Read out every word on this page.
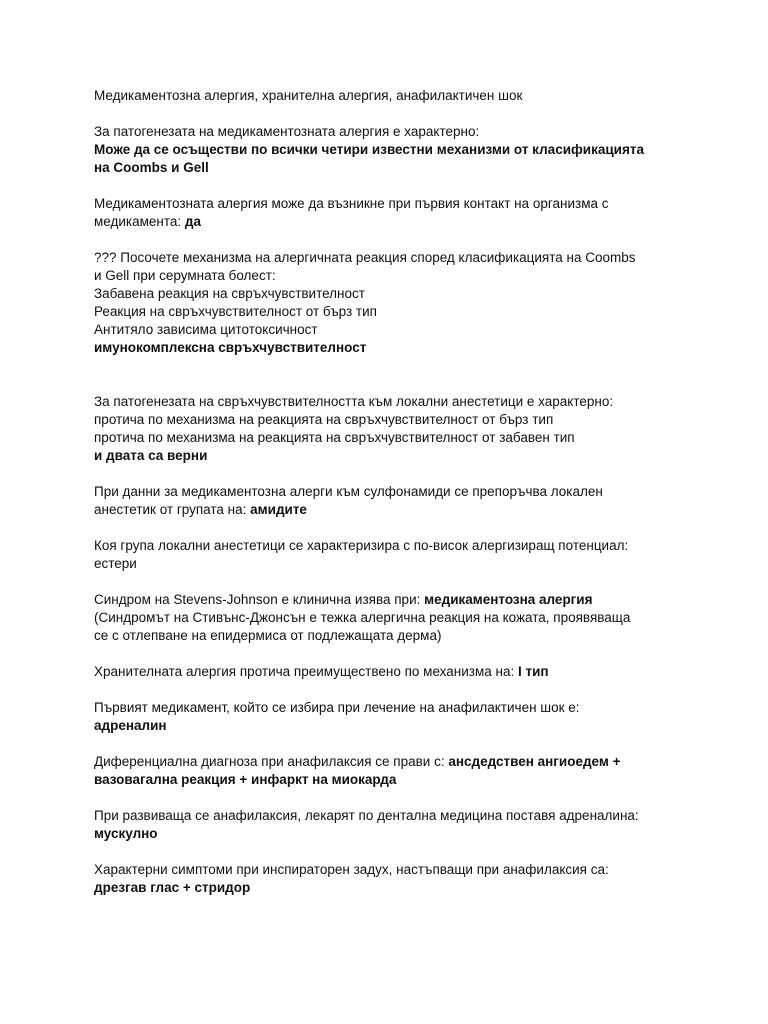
Медикаментозна алергия, хранителна алергия, анафилактичен шок
За патогенезата на медикаментозната алергия е характерно:
Може да се осъществи по всички четири известни механизми от класификацията
на Coombs и Gell
Медикаментозната алергия може да възникне при първия контакт на организма с
медикамента: да
??? Посочете механизма на алергичната реакция според класификацията на Coombs
и Gell при серумната болест:
Забавена реакция на свръхчувствителност
Реакция на свръхчувствителност от бърз тип
Антитяло зависима цитотоксичност
имунокомплексна свръхчувствителност
За патогенезата на свръхчувствителността към локални анестетици е характерно:
протича по механизма на реакцията на свръхчувствителност от бърз тип
протича по механизма на реакцията на свръхчувствителност от забавен тип
и двата са верни
При данни за медикаментозна алерги към сулфонамиди се препоръчва локален
анестетик от групата на: амидите
Коя група локални анестетици се характеризира с по-висок алергизиращ потенциал:
естери
Синдром на Stevens-Johnson е клинична изява при: медикаментозна алергия
(Синдромът на Стивънс-Джонсън е тежка алергична реакция на кожата, проявяваща
се с отлепване на епидермиса от подлежащата дерма)
Хранителната алергия протича преимуществено по механизма на: I тип
Първият медикамент, който се избира при лечение на анафилактичен шок е:
адреналин
Диференциална диагноза при анафилаксия се прави с: ансдедствен ангиоедем +
вазовагална реакция + инфаркт на миокарда
При развиваща се анафилаксия, лекарят по дентална медицина поставя адреналина:
мускулно
Характерни симптоми при инспираторен задух, настъпващи при анафилаксия са:
дрезгав глас + стридор
